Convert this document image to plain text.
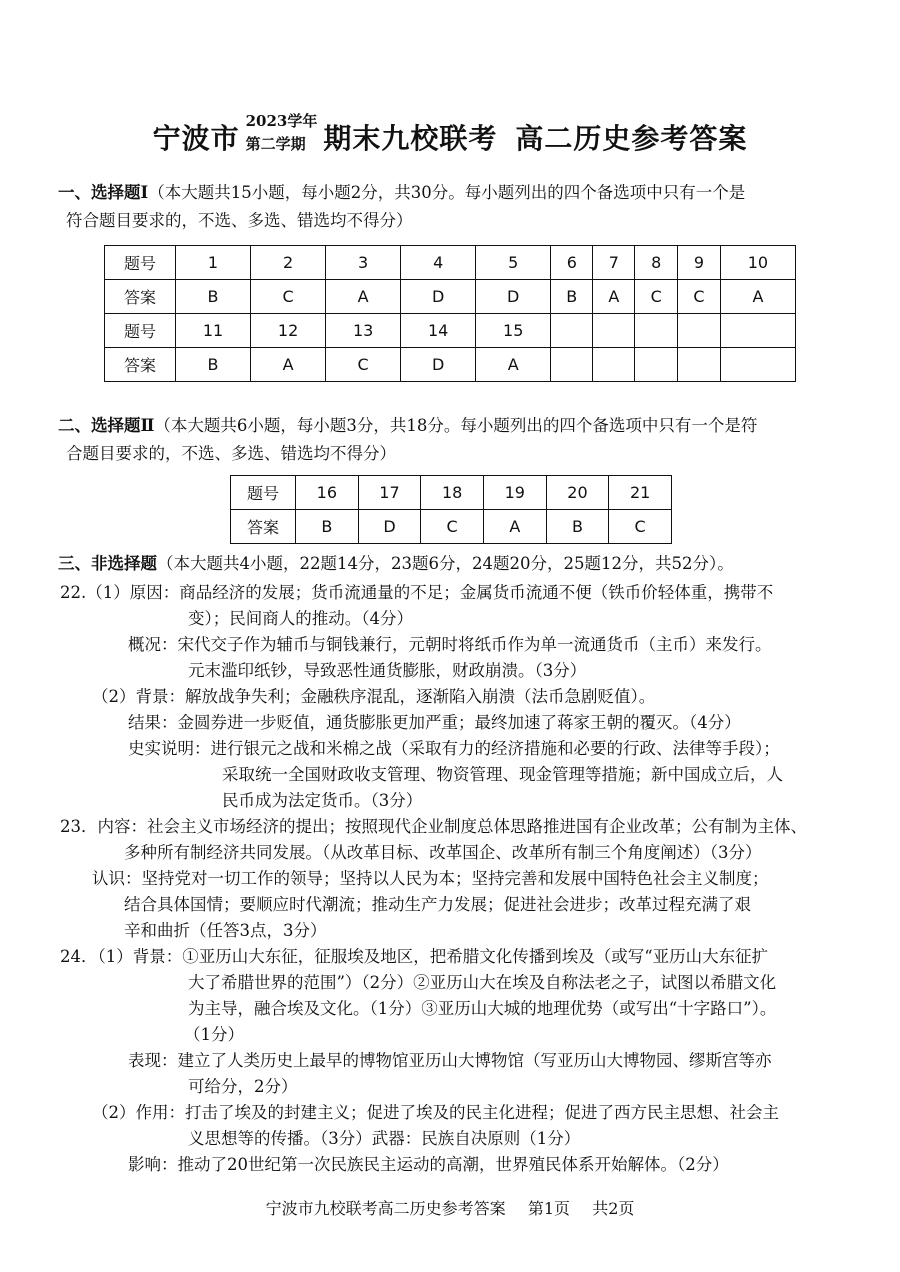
宁波市
2023学年
第二学期 期末九校联考 高二历史参考答案
一、选择题Ⅰ（本大题共15小题，每小题2分，共30分。每小题列出的四个备选项中只有一个是
符合题目要求的，不选、多选、错选均不得分）
题号	1	2	3	4	5	6	7	8	9	10
答案	B	C	A	D	D	B	A	C	C	A
题号	11	12	13	14	15					
答案	B	A	C	D	A					
二、选择题Ⅱ（本大题共6小题，每小题3分，共18分。每小题列出的四个备选项中只有一个是符
合题目要求的，不选、多选、错选均不得分）
题号	16	17	18	19	20	21
答案	B	D	C	A	B	C
三、非选择题（本大题共4小题，22题14分，23题6分，24题20分，25题12分，共52分）。
22.（1）原因：商品经济的发展；货币流通量的不足；金属货币流通不便（铁币价轻体重，携带不
变）；民间商人的推动。（4分）
概况：宋代交子作为辅币与铜钱兼行，元朝时将纸币作为单一流通货币（主币）来发行。
元末滥印纸钞，导致恶性通货膨胀，财政崩溃。（3分）
（2）背景：解放战争失利；金融秩序混乱，逐渐陷入崩溃（法币急剧贬值）。
结果：金圆券进一步贬值，通货膨胀更加严重；最终加速了蒋家王朝的覆灭。（4分）
史实说明：进行银元之战和米棉之战（采取有力的经济措施和必要的行政、法律等手段）；
采取统一全国财政收支管理、物资管理、现金管理等措施；新中国成立后，人
民币成为法定货币。（3分）
23．内容：社会主义市场经济的提出；按照现代企业制度总体思路推进国有企业改革；公有制为主体、
多种所有制经济共同发展。（从改革目标、改革国企、改革所有制三个角度阐述）（3分）
认识：坚持党对一切工作的领导；坚持以人民为本；坚持完善和发展中国特色社会主义制度；
结合具体国情；要顺应时代潮流；推动生产力发展；促进社会进步；改革过程充满了艰
辛和曲折（任答3点，3分）
24．（1）背景：①亚历山大东征，征服埃及地区，把希腊文化传播到埃及（或写“亚历山大东征扩
大了希腊世界的范围”）（2分）②亚历山大在埃及自称法老之子，试图以希腊文化
为主导，融合埃及文化。（1分）③亚历山大城的地理优势（或写出“十字路口”）。
（1分）
表现：建立了人类历史上最早的博物馆亚历山大博物馆（写亚历山大博物园、缪斯宫等亦
可给分，2分）
（2）作用：打击了埃及的封建主义；促进了埃及的民主化进程；促进了西方民主思想、社会主
义思想等的传播。（3分）武器：民族自决原则（1分）
影响：推动了20世纪第一次民族民主运动的高潮，世界殖民体系开始解体。（2分）
宁波市九校联考高二历史参考答案 第1页 共2页
